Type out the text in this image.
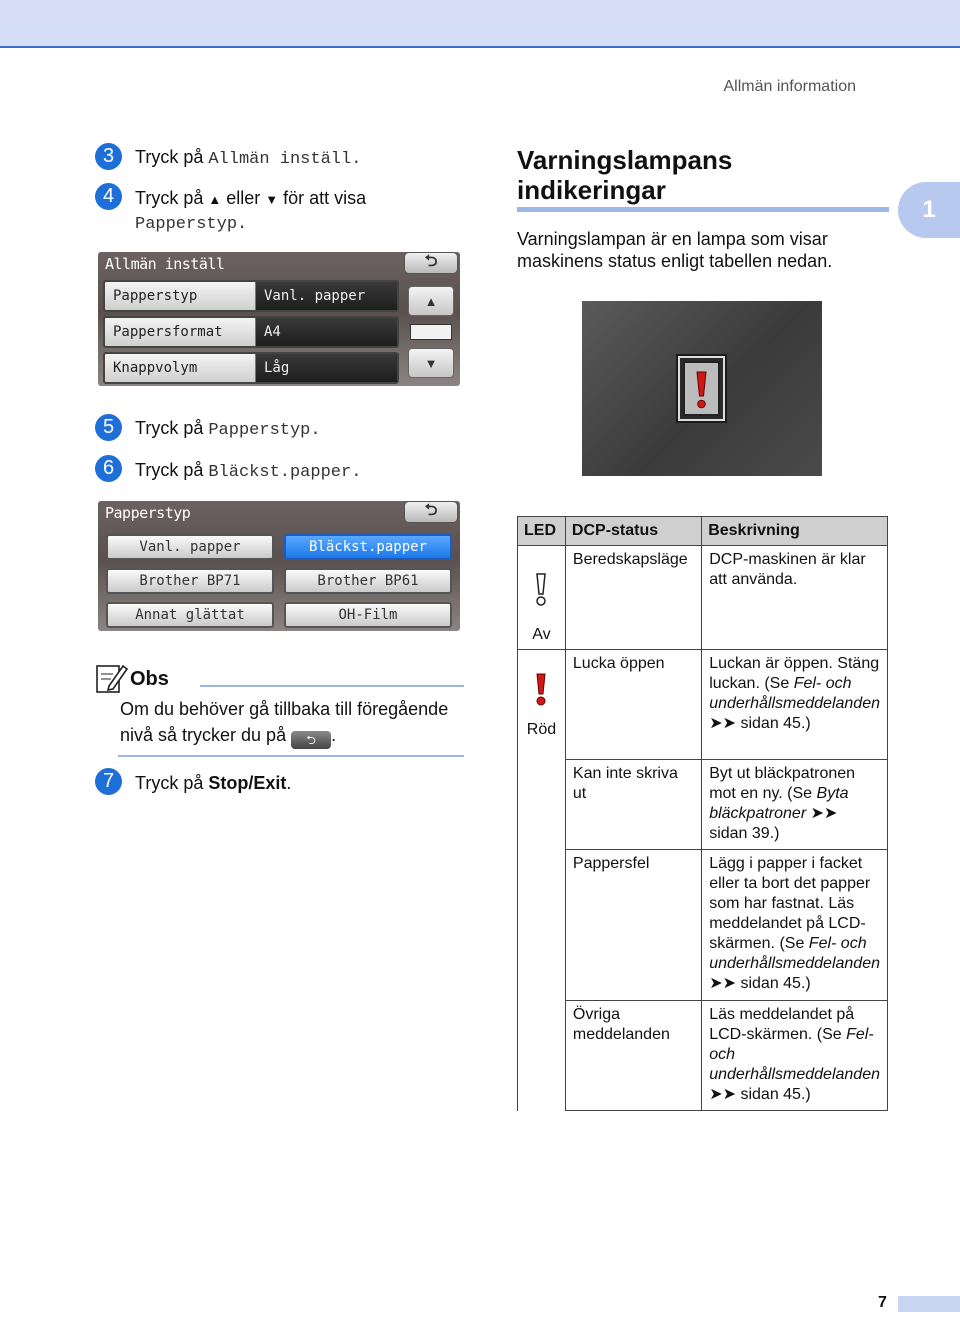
Allmän information
1
3	Tryck på Allmän inställ.
4	Tryck på ▲ eller ▼ för att visa
Papperstyp.
Allmän inställ	⮌
Papperstyp	Vanl. papper
Pappersformat	A4
Knappvolym	Låg
▲
▼
5	Tryck på Papperstyp.
6	Tryck på Bläckst.papper.
Papperstyp	⮌
Vanl. papper	Bläckst.papper
Brother BP71	Brother BP61
Annat glättat	OH-Film
Obs
Om du behöver gå tillbaka till föregående nivå så trycker du på ⮌ .
7	Tryck på Stop/Exit.
Varningslampans indikeringar
Varningslampan är en lampa som visar maskinens status enligt tabellen nedan.
LED	DCP-status	Beskrivning

Av	Beredskapsläge	DCP-maskinen är klar att använda.

Röd	Lucka öppen	Luckan är öppen. Stäng luckan. (Se Fel- och underhållsmeddelanden ➤➤ sidan 45.)
	Kan inte skriva ut	Byt ut bläckpatronen mot en ny. (Se Byta bläckpatroner ➤➤ sidan 39.)
	Pappersfel	Lägg i papper i facket eller ta bort det papper som har fastnat. Läs meddelandet på LCD-skärmen. (Se Fel- och underhållsmeddelanden ➤➤ sidan 45.)
	Övriga meddelanden	Läs meddelandet på LCD-skärmen. (Se Fel- och underhållsmeddelanden ➤➤ sidan 45.)
7
